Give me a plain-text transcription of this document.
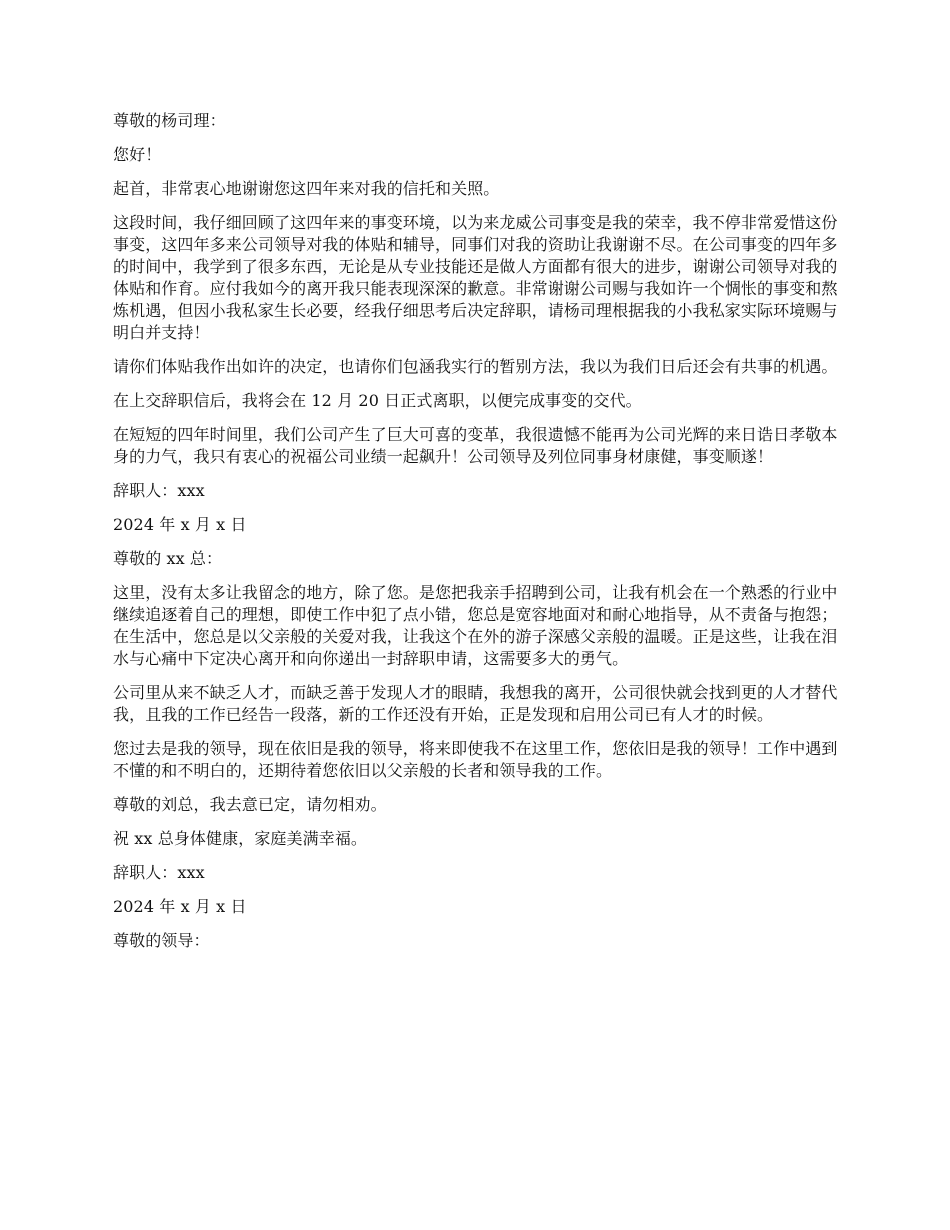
尊敬的杨司理：

您好！

起首，非常衷心地谢谢您这四年来对我的信托和关照。

这段时间，我仔细回顾了这四年来的事变环境，以为来龙威公司事变是我的荣幸，我不停非常爱惜这份事变，这四年多来公司领导对我的体贴和辅导，同事们对我的资助让我谢谢不尽。在公司事变的四年多的时间中，我学到了很多东西，无论是从专业技能还是做人方面都有很大的进步，谢谢公司领导对我的体贴和作育。应付我如今的离开我只能表现深深的歉意。非常谢谢公司赐与我如许一个惆怅的事变和熬炼机遇，但因小我私家生长必要，经我仔细思考后决定辞职，请杨司理根据我的小我私家实际环境赐与明白并支持！

请你们体贴我作出如许的决定，也请你们包涵我实行的暂别方法，我以为我们日后还会有共事的机遇。

在上交辞职信后，我将会在 12 月 20 日正式离职，以便完成事变的交代。

在短短的四年时间里，我们公司产生了巨大可喜的变革，我很遗憾不能再为公司光辉的来日诰日孝敬本身的力气，我只有衷心的祝福公司业绩一起飙升！公司领导及列位同事身材康健，事变顺遂！

辞职人：xxx

2024 年 x 月 x 日

尊敬的 xx 总：

这里，没有太多让我留念的地方，除了您。是您把我亲手招聘到公司，让我有机会在一个熟悉的行业中继续追逐着自己的理想，即使工作中犯了点小错，您总是宽容地面对和耐心地指导，从不责备与抱怨；在生活中，您总是以父亲般的关爱对我，让我这个在外的游子深感父亲般的温暖。正是这些，让我在泪水与心痛中下定决心离开和向你递出一封辞职申请，这需要多大的勇气。

公司里从来不缺乏人才，而缺乏善于发现人才的眼睛，我想我的离开，公司很快就会找到更的人才替代我，且我的工作已经告一段落，新的工作还没有开始，正是发现和启用公司已有人才的时候。

您过去是我的领导，现在依旧是我的领导，将来即使我不在这里工作，您依旧是我的领导！工作中遇到不懂的和不明白的，还期待着您依旧以父亲般的长者和领导我的工作。

尊敬的刘总，我去意已定，请勿相劝。

祝 xx 总身体健康，家庭美满幸福。

辞职人：xxx

2024 年 x 月 x 日

尊敬的领导：
